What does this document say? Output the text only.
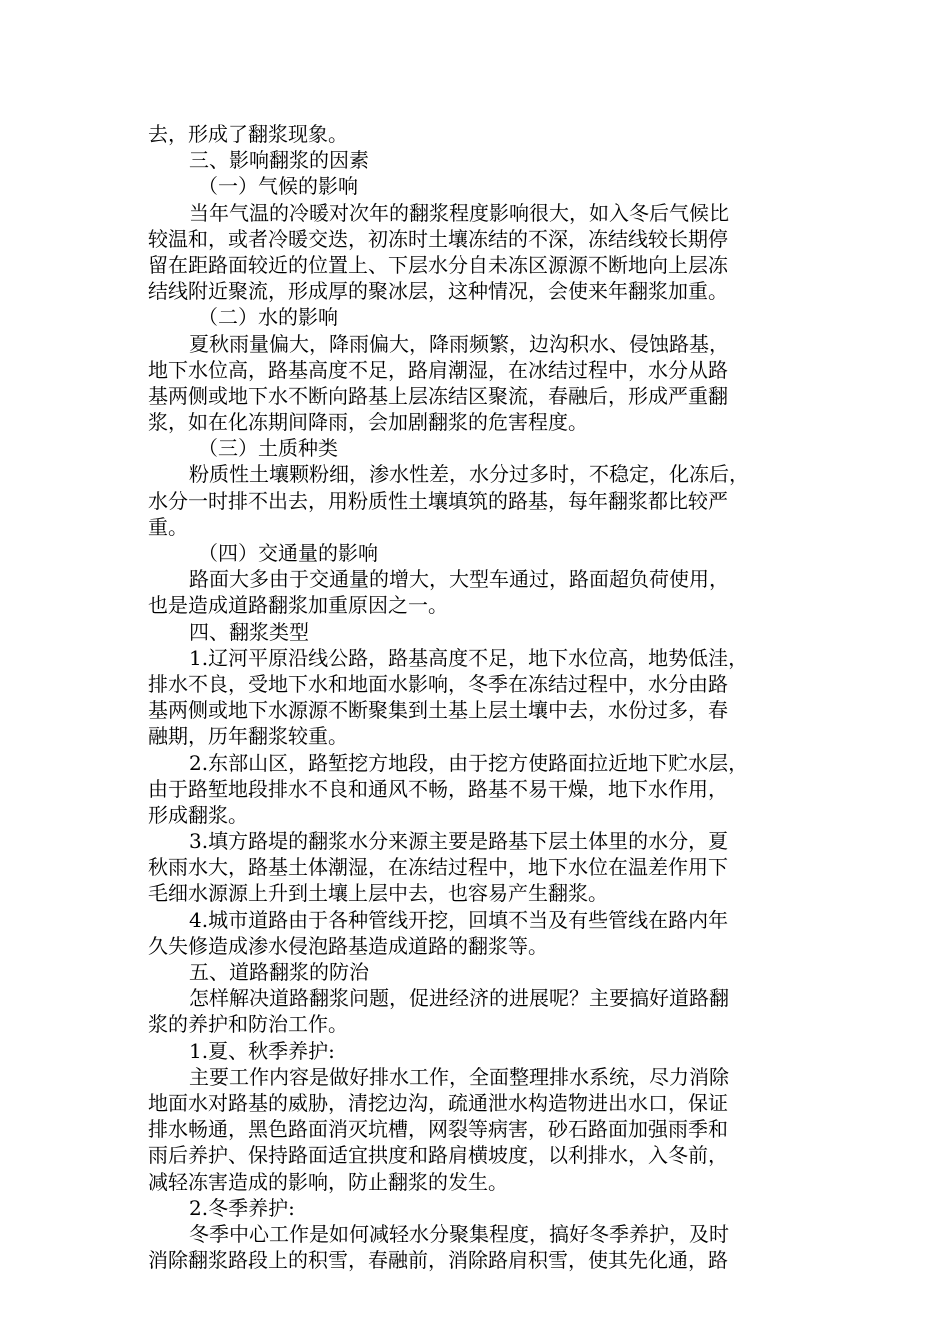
去，形成了翻浆现象。
三、影响翻浆的因素
（一）气候的影响
当年气温的冷暖对次年的翻浆程度影响很大，如入冬后气候比
较温和，或者冷暖交迭，初冻时土壤冻结的不深，冻结线较长期停
留在距路面较近的位置上、下层水分自未冻区源源不断地向上层冻
结线附近聚流，形成厚的聚冰层，这种情况，会使来年翻浆加重。
（二）水的影响
夏秋雨量偏大，降雨偏大，降雨频繁，边沟积水、侵蚀路基，
地下水位高，路基高度不足，路肩潮湿，在冰结过程中，水分从路
基两侧或地下水不断向路基上层冻结区聚流，春融后，形成严重翻
浆，如在化冻期间降雨，会加剧翻浆的危害程度。
（三）土质种类
粉质性土壤颗粉细，渗水性差，水分过多时，不稳定，化冻后，
水分一时排不出去，用粉质性土壤填筑的路基，每年翻浆都比较严
重。
（四）交通量的影响
路面大多由于交通量的增大，大型车通过，路面超负荷使用，
也是造成道路翻浆加重原因之一。
四、翻浆类型
1.辽河平原沿线公路，路基高度不足，地下水位高，地势低洼，
排水不良，受地下水和地面水影响，冬季在冻结过程中，水分由路
基两侧或地下水源源不断聚集到土基上层土壤中去，水份过多，春
融期，历年翻浆较重。
2.东部山区，路堑挖方地段，由于挖方使路面拉近地下贮水层，
由于路堑地段排水不良和通风不畅，路基不易干燥，地下水作用，
形成翻浆。
3.填方路堤的翻浆水分来源主要是路基下层土体里的水分，夏
秋雨水大，路基土体潮湿，在冻结过程中，地下水位在温差作用下
毛细水源源上升到土壤上层中去，也容易产生翻浆。
4.城市道路由于各种管线开挖，回填不当及有些管线在路内年
久失修造成渗水侵泡路基造成道路的翻浆等。
五、道路翻浆的防治
怎样解决道路翻浆问题，促进经济的进展呢？主要搞好道路翻
浆的养护和防治工作。
1.夏、秋季养护:
主要工作内容是做好排水工作，全面整理排水系统，尽力消除
地面水对路基的威胁，清挖边沟，疏通泄水构造物进出水口，保证
排水畅通，黑色路面消灭坑槽，网裂等病害，砂石路面加强雨季和
雨后养护、保持路面适宜拱度和路肩横坡度，以利排水，入冬前，
减轻冻害造成的影响，防止翻浆的发生。
2.冬季养护:
冬季中心工作是如何减轻水分聚集程度，搞好冬季养护，及时
消除翻浆路段上的积雪，春融前，消除路肩积雪，使其先化通，路
